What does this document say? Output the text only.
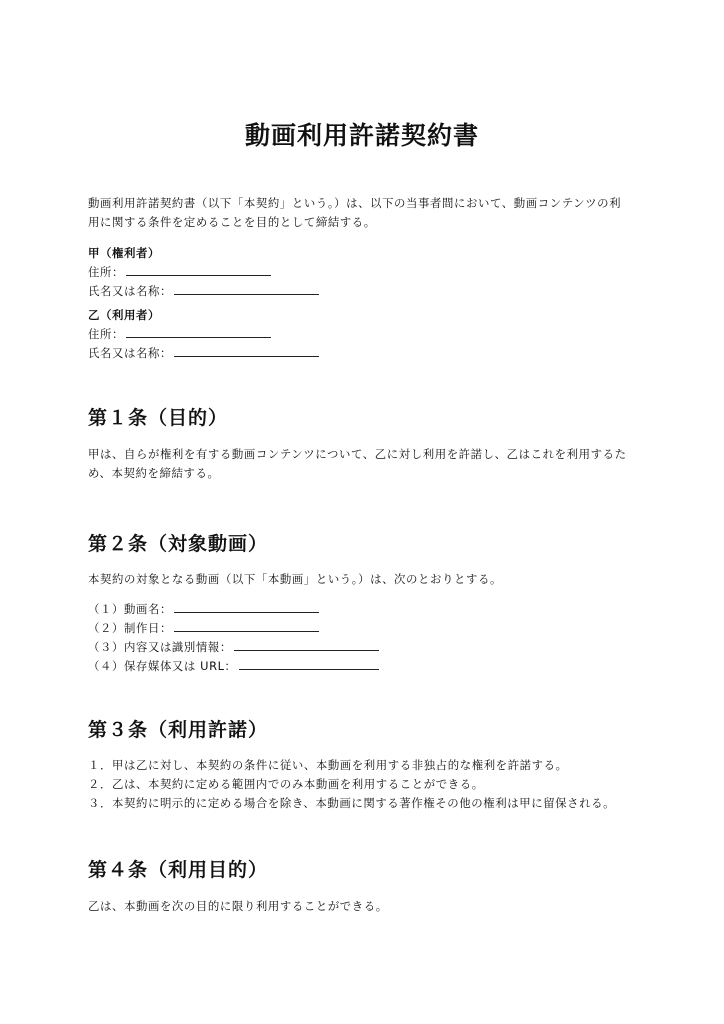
動画利用許諾契約書
動画利用許諾契約書（以下「本契約」という。）は、以下の当事者間において、動画コンテンツの利
用に関する条件を定めることを目的として締結する。
甲（権利者）
住所：
氏名又は名称：
乙（利用者）
住所：
氏名又は名称：
第１条（目的）
甲は、自らが権利を有する動画コンテンツについて、乙に対し利用を許諾し、乙はこれを利用するた
め、本契約を締結する。
第２条（対象動画）
本契約の対象となる動画（以下「本動画」という。）は、次のとおりとする。
（１）動画名：
（２）制作日：
（３）内容又は識別情報：
（４）保存媒体又は URL：
第３条（利用許諾）
１．甲は乙に対し、本契約の条件に従い、本動画を利用する非独占的な権利を許諾する。
２．乙は、本契約に定める範囲内でのみ本動画を利用することができる。
３．本契約に明示的に定める場合を除き、本動画に関する著作権その他の権利は甲に留保される。
第４条（利用目的）
乙は、本動画を次の目的に限り利用することができる。
